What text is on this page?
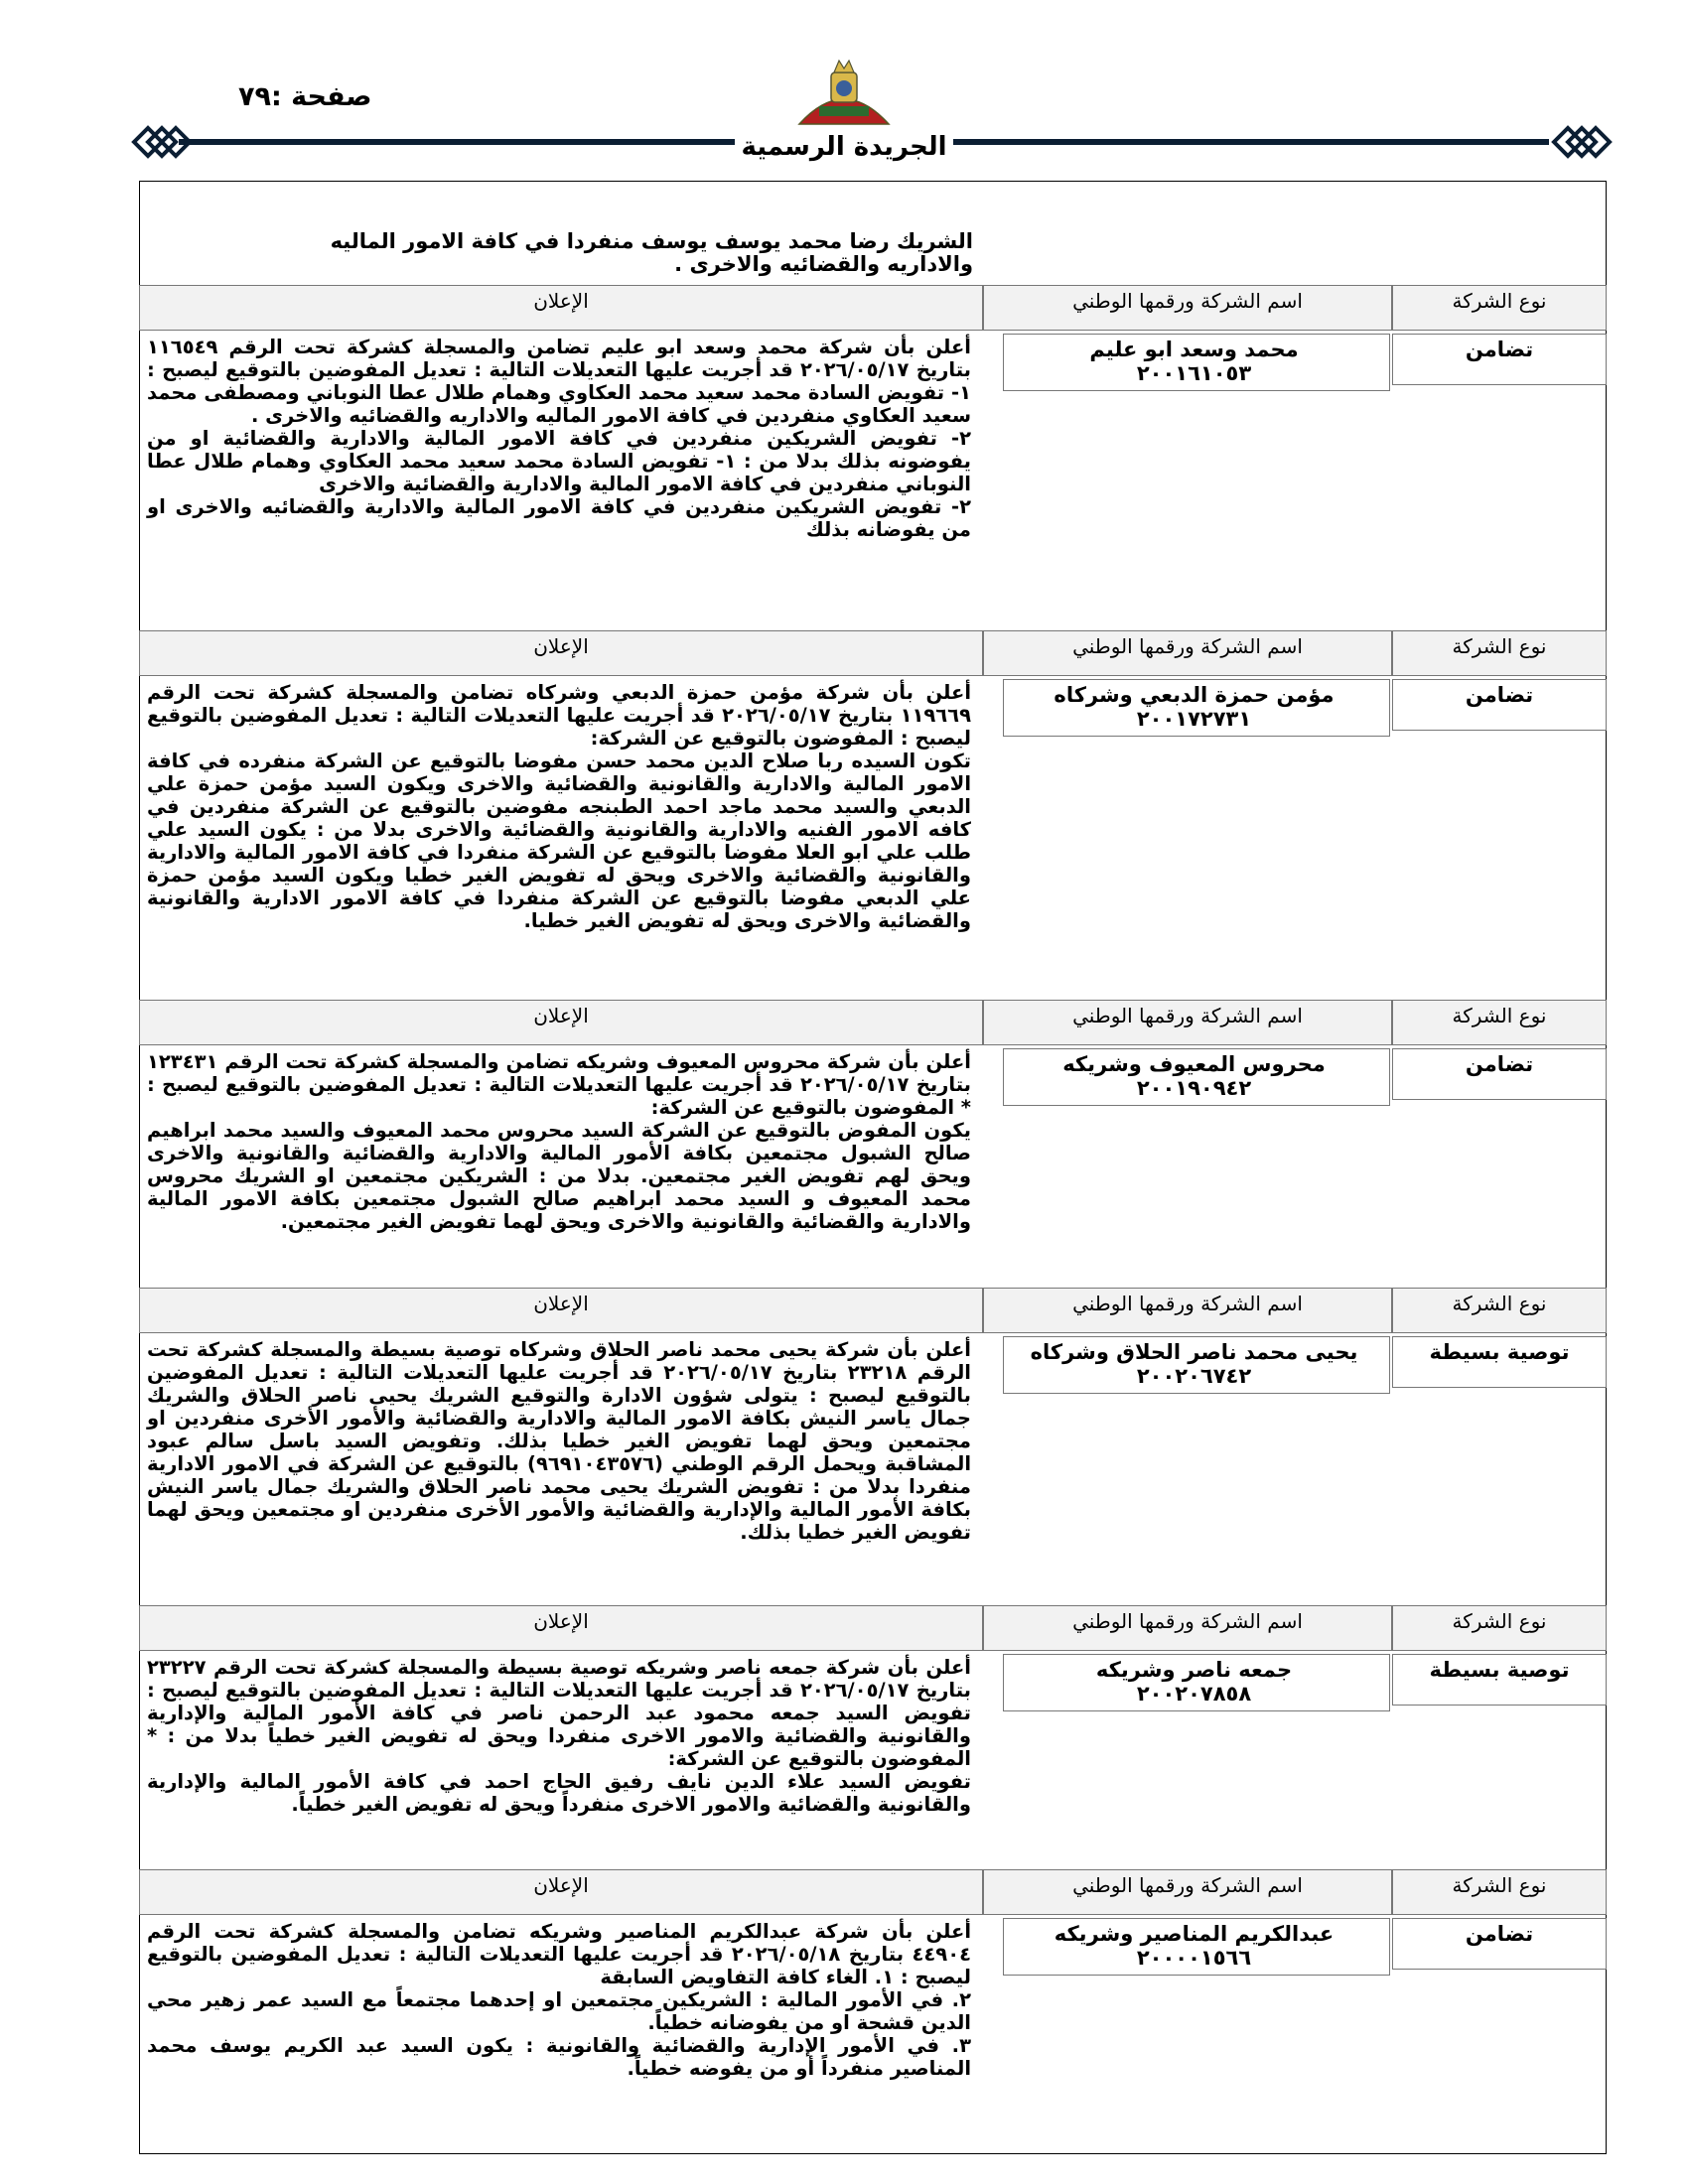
صفحة :٧٩
الجريدة الرسمية
الشريك رضا محمد يوسف يوسف منفردا في كافة الامور الماليه والاداريه والقضائيه والاخرى .
نوع الشركة
اسم الشركة ورقمها الوطني
الإعلان
تضامن
محمد وسعد ابو عليم
٢٠٠١٦١٠٥٣

أعلن بأن شركة محمد وسعد ابو عليم تضامن والمسجلة كشركة تحت الرقم ١١٦٥٤٩ بتاريخ ٢٠٢٦/٠٥/١٧ قد أجريت عليها التعديلات التالية : تعديل المفوضين بالتوقيع ليصبح : ١- تفويض السادة محمد سعيد محمد العكاوي وهمام طلال عطا النوباني ومصطفى محمد سعيد العكاوي منفردين في كافة الامور الماليه والاداريه والقضائيه والاخرى .

٢- تفويض الشريكين منفردين في كافة الامور المالية والادارية والقضائية او من يفوضونه بذلك بدلا من : ١- تفويض السادة محمد سعيد محمد العكاوي وهمام طلال عطا النوباني منفردين في كافة الامور المالية والادارية والقضائية والاخرى

٢- تفويض الشريكين منفردين في كافة الامور المالية والادارية والقضائيه والاخرى او من يفوضانه بذلك

نوع الشركة
اسم الشركة ورقمها الوطني
الإعلان
تضامن
مؤمن حمزة الدبعي وشركاه
٢٠٠١٧٢٧٣١

أعلن بأن شركة مؤمن حمزة الدبعي وشركاه تضامن والمسجلة كشركة تحت الرقم ١١٩٦٦٩ بتاريخ ٢٠٢٦/٠٥/١٧ قد أجريت عليها التعديلات التالية : تعديل المفوضين بالتوقيع ليصبح : المفوضون بالتوقيع عن الشركة:

تكون السيده ربا صلاح الدين محمد حسن مفوضا بالتوقيع عن الشركة منفرده في كافة الامور المالية والادارية والقانونية والقضائية والاخرى ويكون السيد مؤمن حمزة علي الدبعي والسيد محمد ماجد احمد الطبنجه مفوضين بالتوقيع عن الشركة منفردين في كافه الامور الفنيه والادارية والقانونية والقضائية والاخرى بدلا من : يكون السيد علي طلب علي ابو العلا مفوضا بالتوقيع عن الشركة منفردا في كافة الامور المالية والادارية والقانونية والقضائية والاخرى ويحق له تفويض الغير خطيا ويكون السيد مؤمن حمزة علي الدبعي مفوضا بالتوقيع عن الشركة منفردا في كافة الامور الادارية والقانونية والقضائية والاخرى ويحق له تفويض الغير خطيا.

نوع الشركة
اسم الشركة ورقمها الوطني
الإعلان
تضامن
محروس المعيوف وشريكه
٢٠٠١٩٠٩٤٢

أعلن بأن شركة محروس المعيوف وشريكه تضامن والمسجلة كشركة تحت الرقم ١٢٣٤٣١ بتاريخ ٢٠٢٦/٠٥/١٧ قد أجريت عليها التعديلات التالية : تعديل المفوضين بالتوقيع ليصبح : * المفوضون بالتوقيع عن الشركة:

يكون المفوض بالتوقيع عن الشركة السيد محروس محمد المعيوف والسيد محمد ابراهيم صالح الشبول مجتمعين بكافة الأمور المالية والادارية والقضائية والقانونية والاخرى ويحق لهم تفويض الغير مجتمعين. بدلا من : الشريكين مجتمعين او الشريك محروس محمد المعيوف و السيد محمد ابراهيم صالح الشبول مجتمعين بكافة الامور المالية والادارية والقضائية والقانونية والاخرى ويحق لهما تفويض الغير مجتمعين.

نوع الشركة
اسم الشركة ورقمها الوطني
الإعلان
توصية بسيطة
يحيى محمد ناصر الحلاق وشركاه
٢٠٠٢٠٦٧٤٢

أعلن بأن شركة يحيى محمد ناصر الحلاق وشركاه توصية بسيطة والمسجلة كشركة تحت الرقم ٢٣٢١٨ بتاريخ ٢٠٢٦/٠٥/١٧ قد أجريت عليها التعديلات التالية : تعديل المفوضين بالتوقيع ليصبح : يتولى شؤون الادارة والتوقيع الشريك يحيى ناصر الحلاق والشريك جمال ياسر النيش بكافة الامور المالية والادارية والقضائية والأمور الأخرى منفردين او مجتمعين ويحق لهما تفويض الغير خطيا بذلك. وتفويض السيد باسل سالم عبود المشاقبة ويحمل الرقم الوطني (٩٦٩١٠٤٣٥٧٦) بالتوقيع عن الشركة في الامور الادارية منفردا بدلا من : تفويض الشريك يحيى محمد ناصر الحلاق والشريك جمال ياسر النيش بكافة الأمور المالية والإدارية والقضائية والأمور الأخرى منفردين او مجتمعين ويحق لهما تفويض الغير خطيا بذلك.

نوع الشركة
اسم الشركة ورقمها الوطني
الإعلان
توصية بسيطة
جمعه ناصر وشريكه
٢٠٠٢٠٧٨٥٨

أعلن بأن شركة جمعه ناصر وشريكه توصية بسيطة والمسجلة كشركة تحت الرقم ٢٣٢٢٧ بتاريخ ٢٠٢٦/٠٥/١٧ قد أجريت عليها التعديلات التالية : تعديل المفوضين بالتوقيع ليصبح : تفويض السيد جمعه محمود عبد الرحمن ناصر في كافة الأمور المالية والإدارية والقانونية والقضائية والامور الاخرى منفردا ويحق له تفويض الغير خطياً بدلا من : * المفوضون بالتوقيع عن الشركة:

تفويض السيد علاء الدين نايف رفيق الحاج احمد في كافة الأمور المالية والإدارية والقانونية والقضائية والامور الاخرى منفرداً ويحق له تفويض الغير خطياً.

نوع الشركة
اسم الشركة ورقمها الوطني
الإعلان
تضامن
عبدالكريم المناصير وشريكه
٢٠٠٠٠١٥٦٦

أعلن بأن شركة عبدالكريم المناصير وشريكه تضامن والمسجلة كشركة تحت الرقم ٤٤٩٠٤ بتاريخ ٢٠٢٦/٠٥/١٨ قد أجريت عليها التعديلات التالية : تعديل المفوضين بالتوقيع ليصبح : ١. الغاء كافة التفاويض السابقة

٢. في الأمور المالية : الشريكين مجتمعين او إحدهما مجتمعاً مع السيد عمر زهير محي الدين قشحة او من يفوضانه خطياً.

٣. في الأمور الإدارية والقضائية والقانونية : يكون السيد عبد الكريم يوسف محمد المناصير منفرداً أو من يفوضه خطياً.
